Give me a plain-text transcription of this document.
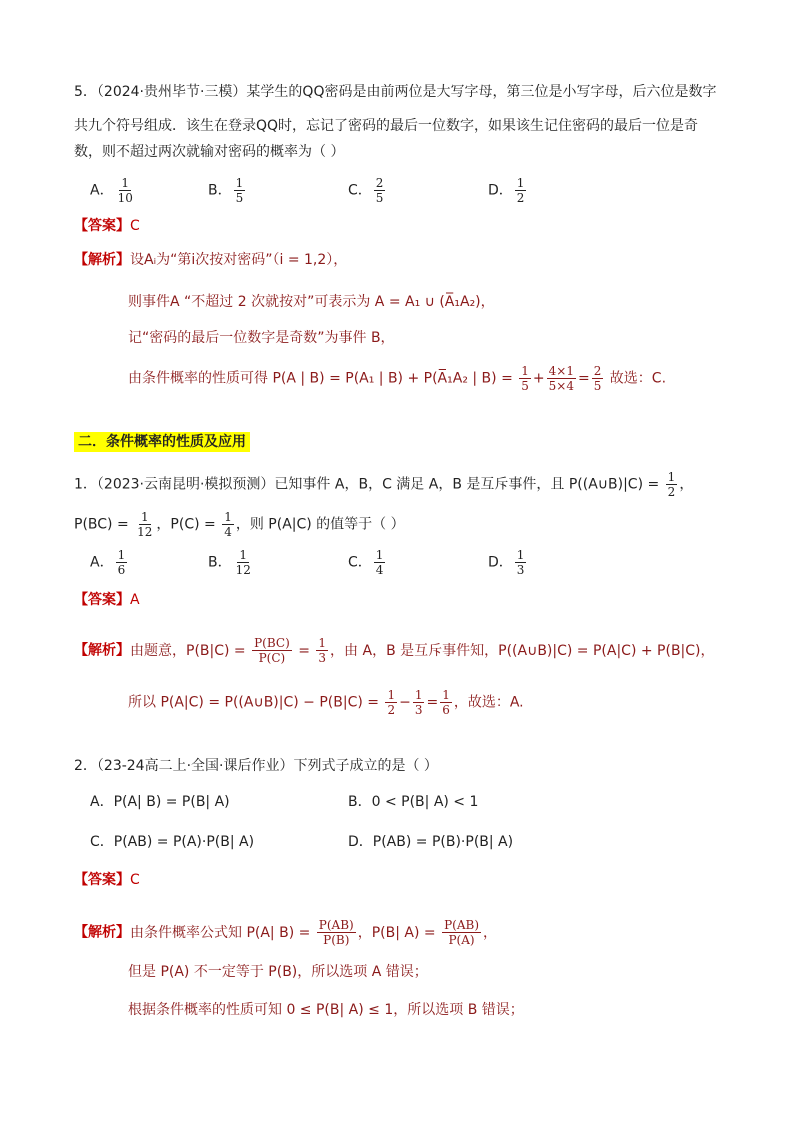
5．（2024·贵州毕节·三模）某学生的QQ密码是由前两位是大写字母，第三位是小写字母，后六位是数字
共九个符号组成．该生在登录QQ时，忘记了密码的最后一位数字，如果该生记住密码的最后一位是奇
数，则不超过两次就输对密码的概率为（ ）
A． $\frac{1}{10}$	B． $\frac{1}{5}$	C． $\frac{2}{5}$	D． $\frac{1}{2}$
【答案】C
【解析】设Aᵢ为“第i次按对密码”（i = 1,2），
则事件A “不超过 2 次就按对”可表示为 A = A₁ ∪ (A̅₁A₂)，
记“密码的最后一位数字是奇数”为事件 B，
由条件概率的性质可得 P(A | B) = P(A₁ | B) + P(A̅₁A₂ | $B) = \frac{1}{5} + \frac{4\times 1}{5\times 4} = \frac{2}{5}$ 故选：C.
二．条件概率的性质及应用
1．（2023·云南昆明·模拟预测）已知事件 A，B，C 满足 A，B 是互斥事件，且 P((A∪B)|C) = $\frac{1}{2}$ ，
$P(BC) = \frac{1}{12}$ ，$P(C) = \frac{1}{4}$ ，则 P(A|C) 的值等于（ ）
A． $\frac{1}{6}$	B． $\frac{1}{12}$	C． $\frac{1}{4}$	D． $\frac{1}{3}$
【答案】A
【解析】由题意，$P(B|C) = \frac{P(BC)}{P(C)} = \frac{1}{3}$ ，由 A，B 是互斥事件知，P((A∪B)|C) = P(A|C) + P(B|C)，
所以 P(A|C) = P((A∪B)|C) − $P(B|C) = \frac{1}{2} - \frac{1}{3} = \frac{1}{6}$ ，故选：A.
2．（23-24高二上·全国·课后作业）下列式子成立的是（ ）
A．P(A| B) = P(B| A)	B．0 < P(B| A) < 1
C．P(AB) = P(A)·P(B| A)	D．P(AB) = P(B)·P(B| A)
【答案】C
【解析】由条件概率公式知 P(A| $B) = \frac{P(AB)}{P(B)}$ ，P(B| $A) = \frac{P(AB)}{P(A)}$ ，
但是 P(A) 不一定等于 P(B)，所以选项 A 错误；
根据条件概率的性质可知 0 ≤ P(B| A) ≤ 1，所以选项 B 错误；
